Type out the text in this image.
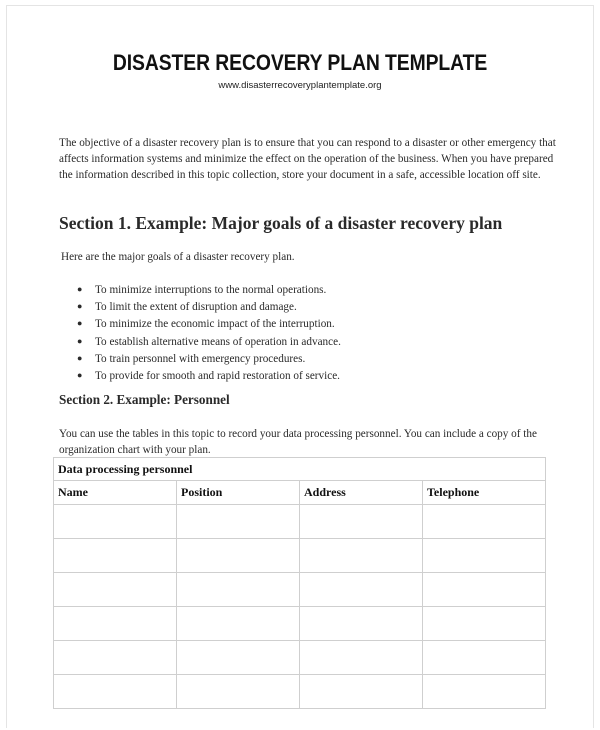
DISASTER RECOVERY PLAN TEMPLATE
www.disasterrecoveryplantemplate.org

The objective of a disaster recovery plan is to ensure that you can respond to a disaster or other emergency that affects information systems and minimize the effect on the operation of the business. When you have prepared the information described in this topic collection, store your document in a safe, accessible location off site.

Section 1. Example: Major goals of a disaster recovery plan

Here are the major goals of a disaster recovery plan.

● To minimize interruptions to the normal operations.
● To limit the extent of disruption and damage.
● To minimize the economic impact of the interruption.
● To establish alternative means of operation in advance.
● To train personnel with emergency procedures.
● To provide for smooth and rapid restoration of service.
Section 2. Example: Personnel

You can use the tables in this topic to record your data processing personnel. You can include a copy of the organization chart with your plan.

Data processing personnel			
Name	Position	Address	Telephone
